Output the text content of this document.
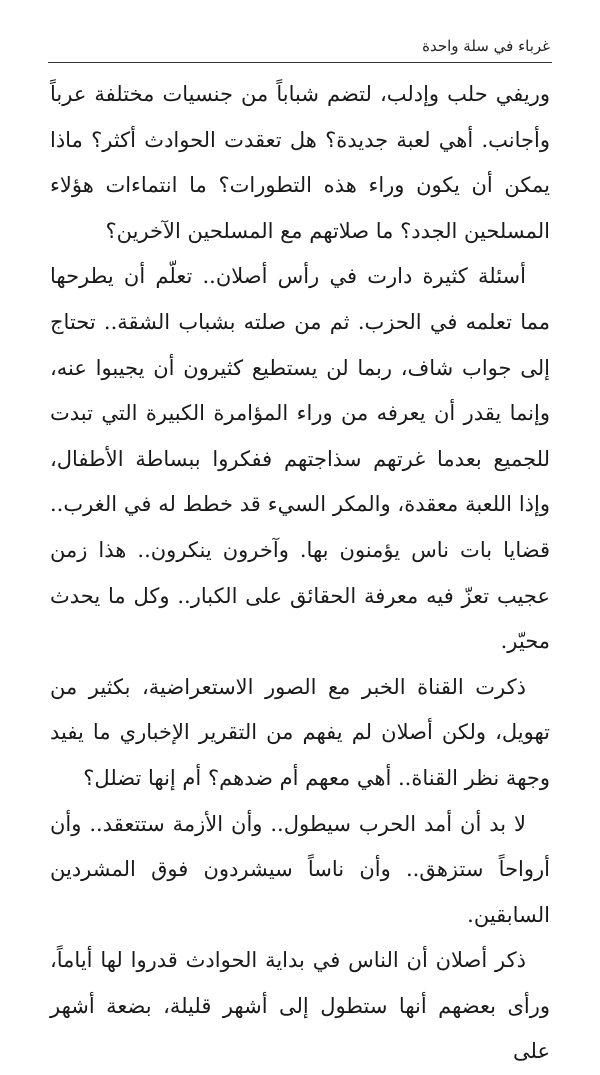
غرباء في سلة واحدة

وريفي حلب وإدلب، لتضم شباباً من جنسيات مختلفة عرباً وأجانب. أهي لعبة جديدة؟ هل تعقدت الحوادث أكثر؟ ماذا يمكن أن يكون وراء هذه التطورات؟ ما انتماءات هؤلاء المسلحين الجدد؟ ما صلاتهم مع المسلحين الآخرين؟

أسئلة كثيرة دارت في رأس أصلان.. تعلّم أن يطرحها مما تعلمه في الحزب. ثم من صلته بشباب الشقة.. تحتاج إلى جواب شاف، ربما لن يستطيع كثيرون أن يجيبوا عنه، وإنما يقدر أن يعرفه من وراء المؤامرة الكبيرة التي تبدت للجميع بعدما غرتهم سذاجتهم ففكروا ببساطة الأطفال، وإذا اللعبة معقدة، والمكر السيء قد خطط له في الغرب.. قضايا بات ناس يؤمنون بها. وآخرون ينكرون.. هذا زمن عجيب تعزّ فيه معرفة الحقائق على الكبار.. وكل ما يحدث محيّر.

ذكرت القناة الخبر مع الصور الاستعراضية، بكثير من تهويل، ولكن أصلان لم يفهم من التقرير الإخباري ما يفيد وجهة نظر القناة.. أهي معهم أم ضدهم؟ أم إنها تضلل؟

لا بد أن أمد الحرب سيطول.. وأن الأزمة ستتعقد.. وأن أرواحاً ستزهق.. وأن ناساً سيشردون فوق المشردين السابقين.

ذكر أصلان أن الناس في بداية الحوادث قدروا لها أياماً، ورأى بعضهم أنها ستطول إلى أشهر قليلة، بضعة أشهر على
